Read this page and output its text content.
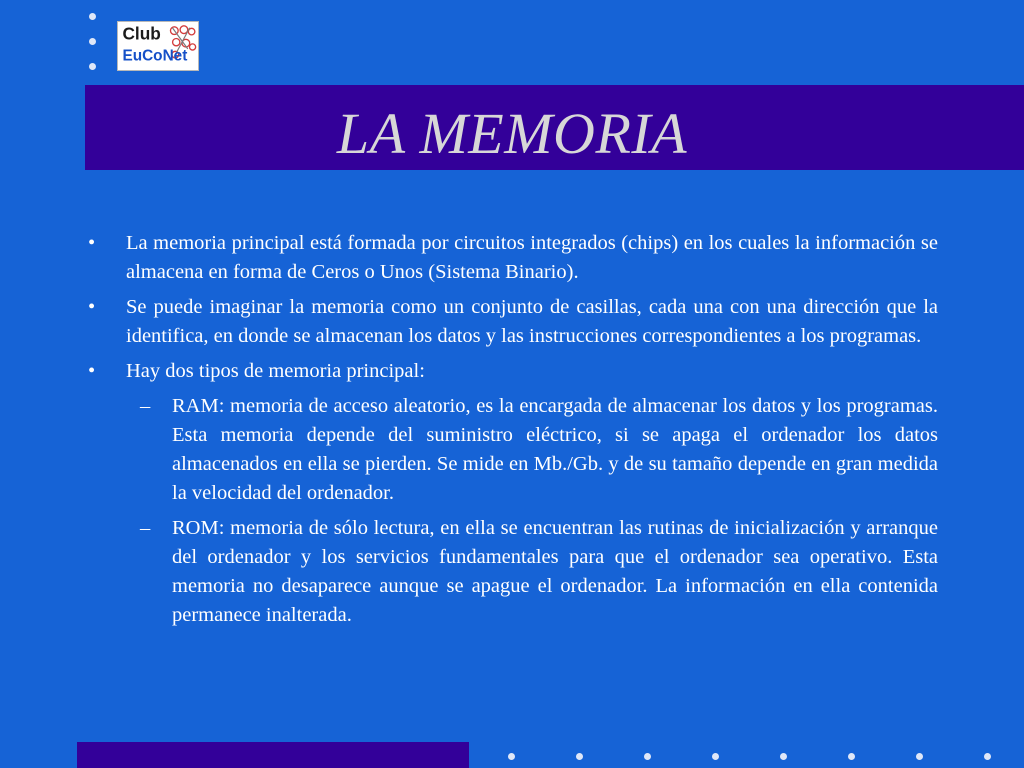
Club
EuCoNet
LA MEMORIA
• La memoria principal está formada por circuitos integrados (chips) en los cuales la información se almacena en forma de Ceros o Unos (Sistema Binario).
• Se puede imaginar la memoria como un conjunto de casillas, cada una con una dirección que la identifica, en donde se almacenan los datos y las instrucciones correspondientes a los programas.
• Hay dos tipos de memoria principal:
– RAM: memoria de acceso aleatorio, es la encargada de almacenar los datos y los programas. Esta memoria depende del suministro eléctrico, si se apaga el ordenador los datos almacenados en ella se pierden. Se mide en Mb./Gb. y de su tamaño depende en gran medida la velocidad del ordenador.
– ROM: memoria de sólo lectura, en ella se encuentran las rutinas de inicialización y arranque del ordenador y los servicios fundamentales para que el ordenador sea operativo. Esta memoria no desaparece aunque se apague el ordenador. La información en ella contenida permanece inalterada.
